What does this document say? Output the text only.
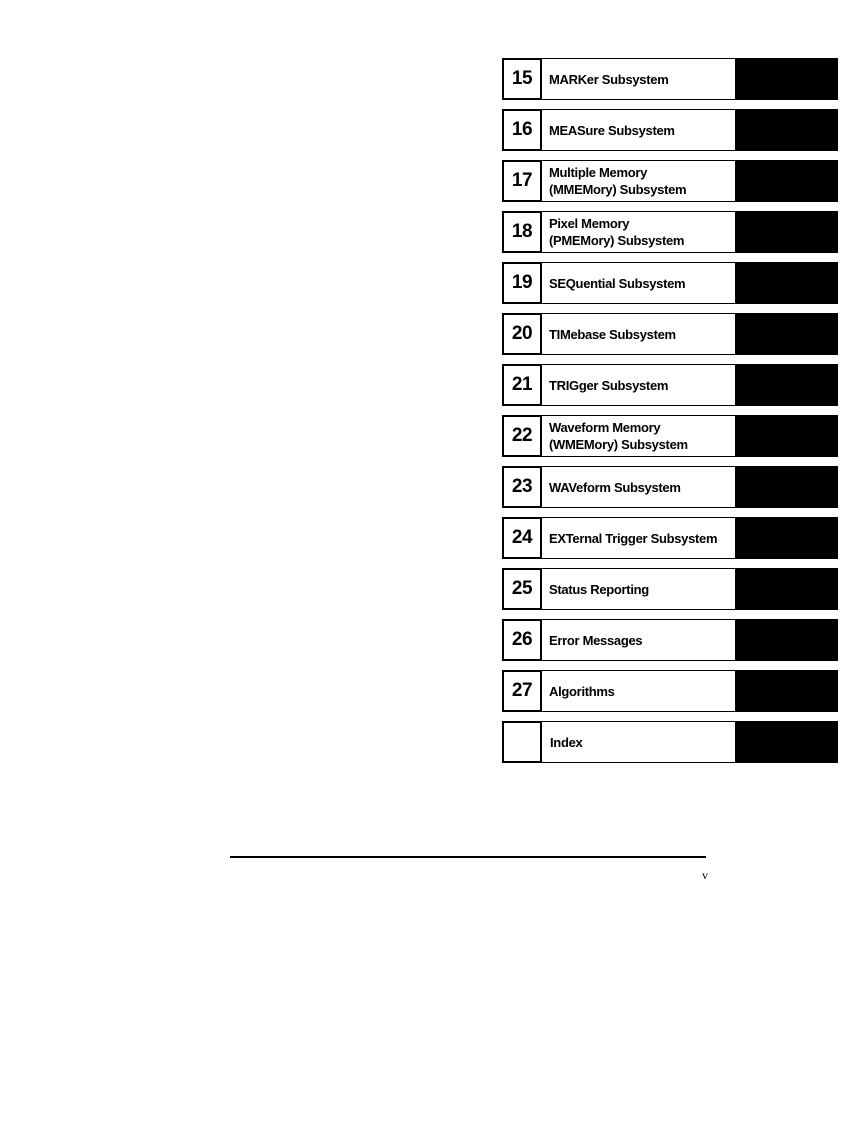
15	MARKer Subsystem
16	MEASure Subsystem
17	Multiple Memory
(MMEMory) Subsystem
18	Pixel Memory
(PMEMory) Subsystem
19	SEQuential Subsystem
20	TIMebase Subsystem
21	TRIGger Subsystem
22	Waveform Memory
(WMEMory) Subsystem
23	WAVeform Subsystem
24	EXTernal Trigger Subsystem
25	Status Reporting
26	Error Messages
27	Algorithms
Index
v
